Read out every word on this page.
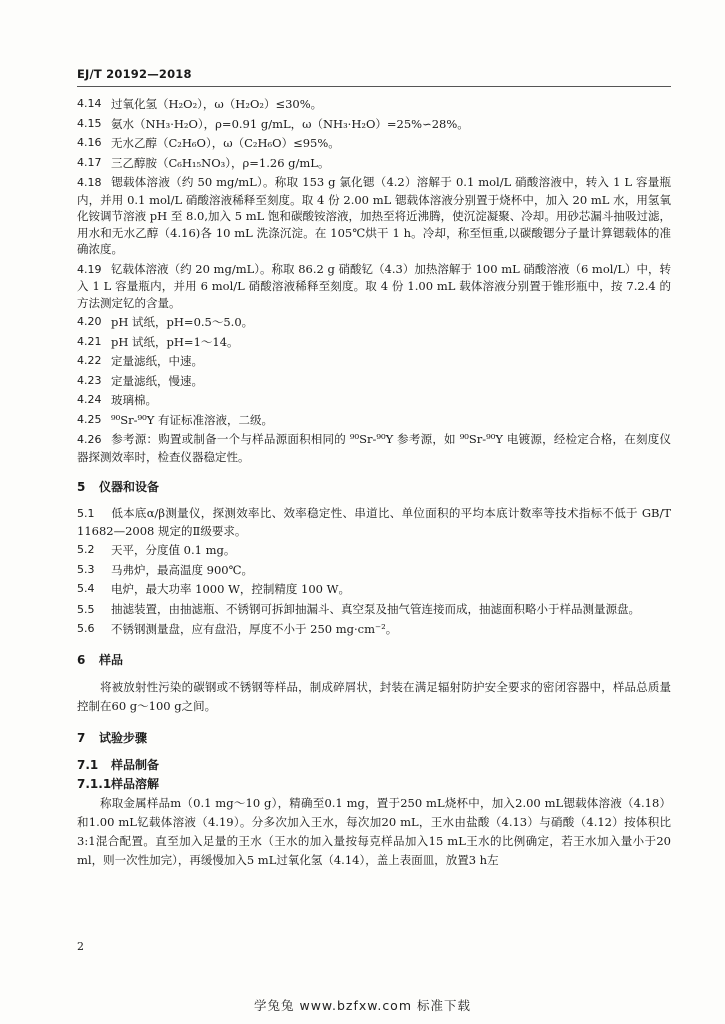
EJ/T 20192—2018
4.14 过氧化氢（H₂O₂），ω（H₂O₂）≤30%。
4.15 氨水（NH₃·H₂O），ρ=0.91 g/mL，ω（NH₃·H₂O）=25%∽28%。
4.16 无水乙醇（C₂H₆O），ω（C₂H₆O）≤95%。
4.17 三乙醇胺（C₆H₁₅NO₃），ρ=1.26 g/mL。
4.18 锶载体溶液（约 50 mg/mL）。称取 153 g 氯化锶（4.2）溶解于 0.1 mol/L 硝酸溶液中，转入 1 L 容量瓶内，并用 0.1 mol/L 硝酸溶液稀释至刻度。取 4 份 2.00 mL 锶载体溶液分别置于烧杯中，加入 20 mL 水，用氢氧化铵调节溶液 pH 至 8.0,加入 5 mL 饱和碳酸铵溶液，加热至将近沸腾，使沉淀凝聚、冷却。用砂芯漏斗抽吸过滤，用水和无水乙醇（4.16)各 10 mL 洗涤沉淀。在 105℃烘干 1 h。冷却，称至恒重,以碳酸锶分子量计算锶载体的准确浓度。
4.19 钇载体溶液（约 20 mg/mL）。称取 86.2 g 硝酸钇（4.3）加热溶解于 100 mL 硝酸溶液（6 mol/L）中，转入 1 L 容量瓶内，并用 6 mol/L 硝酸溶液稀释至刻度。取 4 份 1.00 mL 载体溶液分别置于锥形瓶中，按 7.2.4 的方法测定钇的含量。
4.20 pH 试纸，pH=0.5～5.0。
4.21 pH 试纸，pH=1～14。
4.22 定量滤纸，中速。
4.23 定量滤纸，慢速。
4.24 玻璃棉。
4.25 ⁹⁰Sr-⁹⁰Y 有证标准溶液，二级。
4.26 参考源：购置或制备一个与样品源面积相同的 ⁹⁰Sr-⁹⁰Y 参考源，如 ⁹⁰Sr-⁹⁰Y 电镀源，经检定合格，在刻度仪器探测效率时，检查仪器稳定性。
5 仪器和设备
5.1 低本底α/β测量仪，探测效率比、效率稳定性、串道比、单位面积的平均本底计数率等技术指标不低于 GB/T 11682—2008 规定的Ⅱ级要求。
5.2	天平，分度值 0.1 mg。
5.3	马弗炉，最高温度 900℃。
5.4	电炉，最大功率 1000 W，控制精度 100 W。
5.5 抽滤装置，由抽滤瓶、不锈钢可拆卸抽漏斗、真空泵及抽气管连接而成，抽滤面积略小于样品测量源盘。
5.6	不锈钢测量盘，应有盘沿，厚度不小于 250 mg·cm⁻²。
6 样品
将被放射性污染的碳钢或不锈钢等样品，制成碎屑状，封装在满足辐射防护安全要求的密闭容器中，样品总质量控制在60 g～100 g之间。
7 试验步骤
7.1 样品制备
7.1.1样品溶解
称取金属样品m（0.1 mg～10 g），精确至0.1 mg，置于250 mL烧杯中，加入2.00 mL锶载体溶液（4.18）和1.00 mL钇载体溶液（4.19）。分多次加入王水，每次加20 mL，王水由盐酸（4.13）与硝酸（4.12）按体积比3:1混合配置。直至加入足量的王水（王水的加入量按每克样品加入15 mL王水的比例确定，若王水加入量小于20 ml，则一次性加完），再缓慢加入5 mL过氧化氢（4.14），盖上表面皿，放置3 h左
2
学兔兔 www.bzfxw.com 标准下载
